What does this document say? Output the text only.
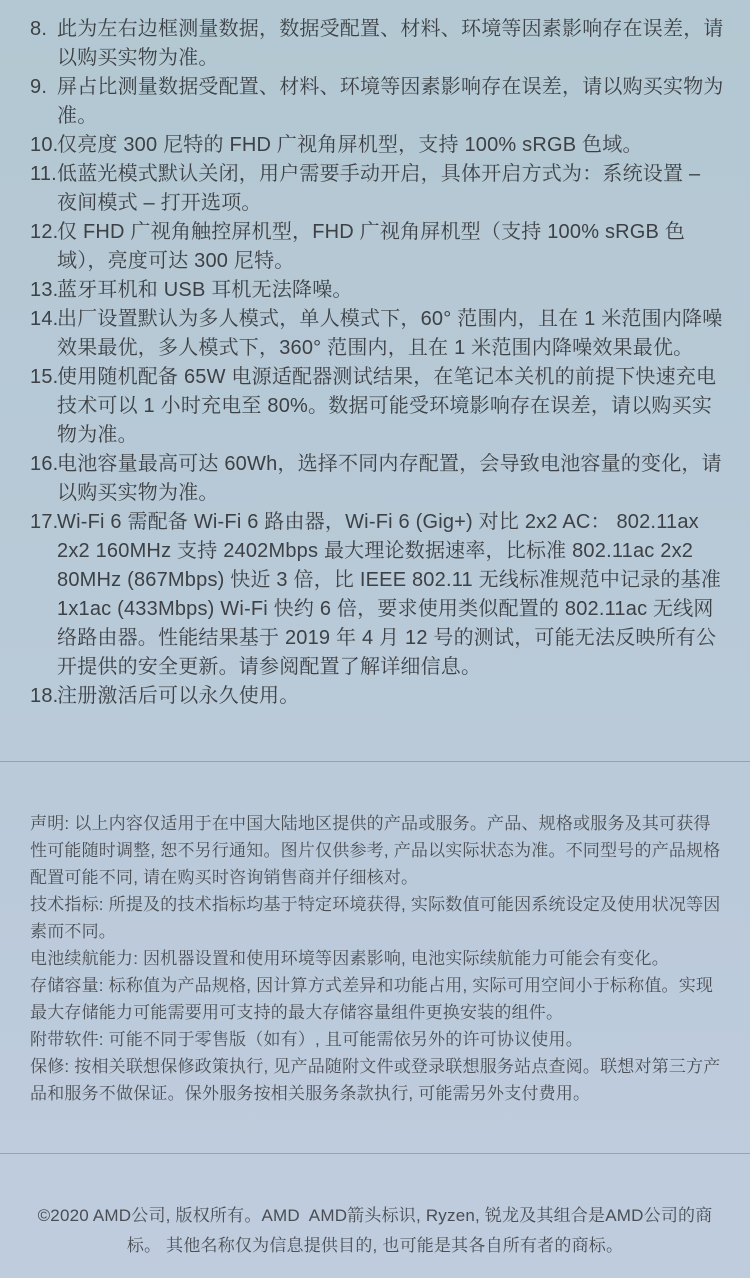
8. 此为左右边框测量数据，数据受配置、材料、环境等因素影响存在误差，请以购买实物为准。
9. 屏占比测量数据受配置、材料、环境等因素影响存在误差，请以购买实物为准。
10.
仅亮度 300 尼特的 FHD 广视角屏机型，支持 100% sRGB 色域。
11. 低蓝光模式默认关闭，用户需要手动开启，具体开启方式为：系统设置 – 夜间模式 – 打开选项。
12.
仅 FHD 广视角触控屏机型，FHD 广视角屏机型（支持 100% sRGB 色域），亮度可达 300 尼特。
13.
蓝牙耳机和 USB 耳机无法降噪。
14.
出厂设置默认为多人模式，单人模式下，60° 范围内，且在 1 米范围内降噪效果最优，多人模式下，360° 范围内，且在 1 米范围内降噪效果最优。
15.
使用随机配备 65W 电源适配器测试结果，在笔记本关机的前提下快速充电技术可以 1 小时充电至 80%。数据可能受环境影响存在误差，请以购买实物为准。
16.
电池容量最高可达 60Wh，选择不同内存配置，会导致电池容量的变化，请以购买实物为准。
17.
Wi-Fi 6 需配备 Wi-Fi 6 路由器，Wi-Fi 6 (Gig+) 对比 2x2 AC： 802.11ax 2x2 160MHz 支持 2402Mbps 最大理论数据速率，比标准 802.11ac 2x2 80MHz (867Mbps) 快近 3 倍，比 IEEE 802.11 无线标准规范中记录的基准 1x1ac (433Mbps) Wi-Fi 快约 6 倍，要求使用类似配置的 802.11ac 无线网络路由器。性能结果基于 2019 年 4 月 12 号的测试，可能无法反映所有公开提供的安全更新。请参阅配置了解详细信息。
18.
注册激活后可以永久使用。

声明: 以上内容仅适用于在中国大陆地区提供的产品或服务。产品、规格或服务及其可获得性可能随时调整, 恕不另行通知。图片仅供参考, 产品以实际状态为准。不同型号的产品规格配置可能不同, 请在购买时咨询销售商并仔细核对。

技术指标: 所提及的技术指标均基于特定环境获得, 实际数值可能因系统设定及使用状况等因素而不同。

电池续航能力: 因机器设置和使用环境等因素影响, 电池实际续航能力可能会有变化。

存储容量: 标称值为产品规格, 因计算方式差异和功能占用, 实际可用空间小于标称值。实现最大存储能力可能需要用可支持的最大存储容量组件更换安装的组件。

附带软件: 可能不同于零售版（如有）, 且可能需依另外的许可协议使用。

保修: 按相关联想保修政策执行, 见产品随附文件或登录联想服务站点查阅。联想对第三方产品和服务不做保证。保外服务按相关服务条款执行, 可能需另外支付费用。

©2020 AMD公司, 版权所有。AMD  AMD箭头标识, Ryzen, 锐龙及其组合是AMD公司的商标。 其他名称仅为信息提供目的, 也可能是其各自所有者的商标。
